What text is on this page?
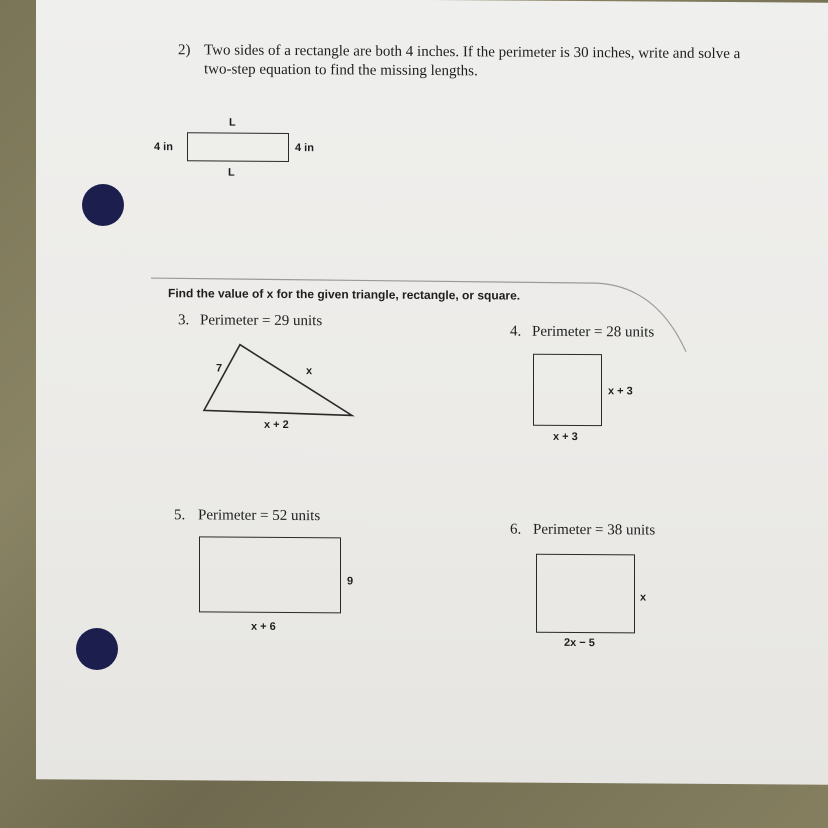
2) Two sides of a rectangle are both 4 inches. If the perimeter is 30 inches, write and solve a
two-step equation to find the missing lengths.
L
4 in	4 in
L
Find the value of x for the given triangle, rectangle, or square.
3. Perimeter = 29 units
7	x
x + 2
4. Perimeter = 28 units
x + 3
x + 3
5. Perimeter = 52 units
9
x + 6
6. Perimeter = 38 units
x
2x − 5
